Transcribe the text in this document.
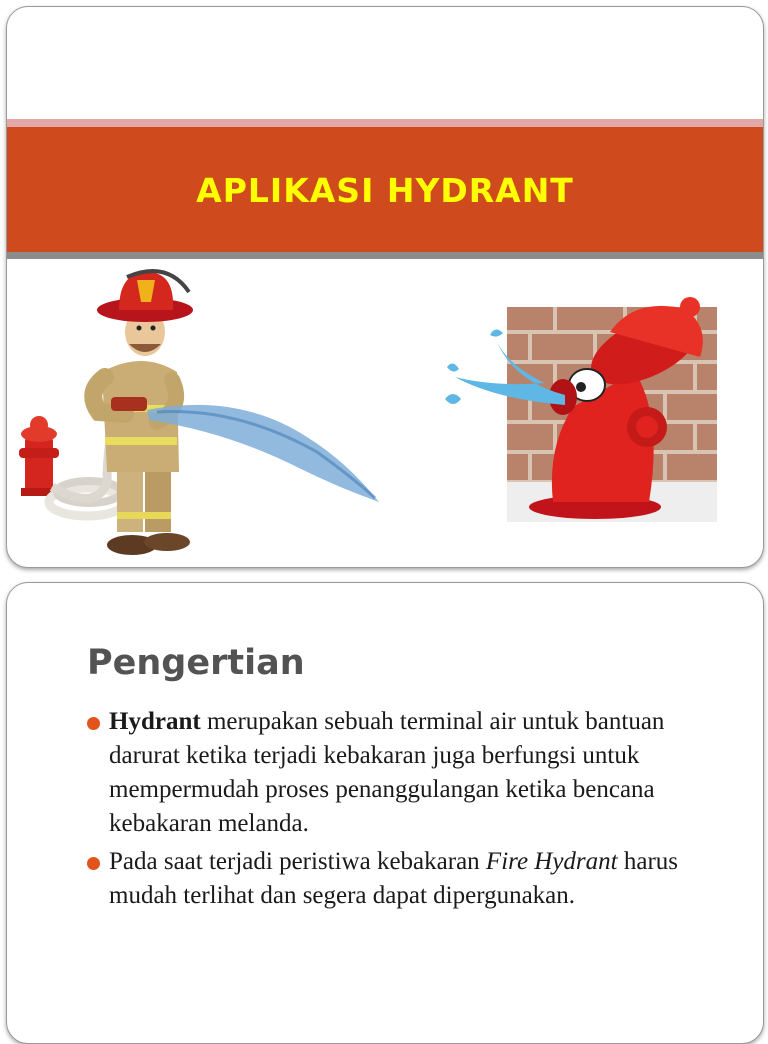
APLIKASI HYDRANT
Pengertian
Hydrant merupakan sebuah terminal air untuk bantuan darurat ketika terjadi kebakaran juga berfungsi untuk mempermudah proses penanggulangan ketika bencana kebakaran melanda.
Pada saat terjadi peristiwa kebakaran Fire Hydrant harus mudah terlihat dan segera dapat dipergunakan.
